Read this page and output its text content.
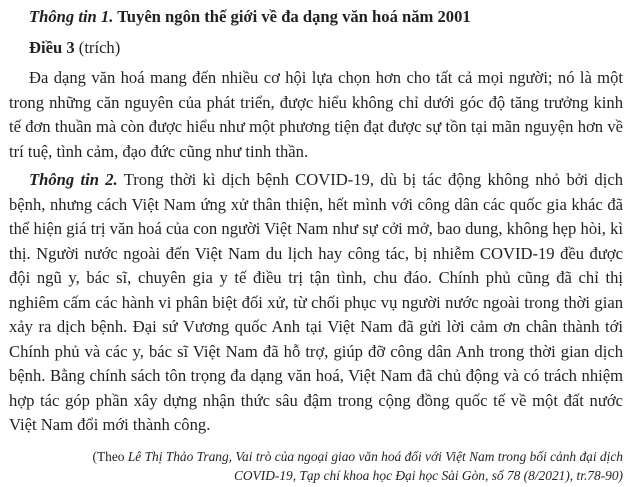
Thông tin 1. Tuyên ngôn thế giới về đa dạng văn hoá năm 2001
Điều 3 (trích)

Đa dạng văn hoá mang đến nhiều cơ hội lựa chọn hơn cho tất cả mọi người; nó là một trong những căn nguyên của phát triển, được hiểu không chỉ dưới góc độ tăng trưởng kinh tế đơn thuần mà còn được hiểu như một phương tiện đạt được sự tồn tại mãn nguyện hơn về trí tuệ, tình cảm, đạo đức cũng như tinh thần.

Thông tin 2. Trong thời kì dịch bệnh COVID-19, dù bị tác động không nhỏ bởi dịch bệnh, nhưng cách Việt Nam ứng xử thân thiện, hết mình với công dân các quốc gia khác đã thể hiện giá trị văn hoá của con người Việt Nam như sự cởi mở, bao dung, không hẹp hòi, kì thị. Người nước ngoài đến Việt Nam du lịch hay công tác, bị nhiễm COVID-19 đều được đội ngũ y, bác sĩ, chuyên gia y tế điều trị tận tình, chu đáo. Chính phủ cũng đã chỉ thị nghiêm cấm các hành vi phân biệt đối xử, từ chối phục vụ người nước ngoài trong thời gian xảy ra dịch bệnh. Đại sứ Vương quốc Anh tại Việt Nam đã gửi lời cảm ơn chân thành tới Chính phủ và các y, bác sĩ Việt Nam đã hỗ trợ, giúp đỡ công dân Anh trong thời gian dịch bệnh. Bằng chính sách tôn trọng đa dạng văn hoá, Việt Nam đã chủ động và có trách nhiệm hợp tác góp phần xây dựng nhận thức sâu đậm trong cộng đồng quốc tế về một đất nước Việt Nam đổi mới thành công.

(Theo Lê Thị Thảo Trang, Vai trò của ngoại giao văn hoá đối với Việt Nam trong bối cảnh đại dịch
COVID-19, Tạp chí khoa học Đại học Sài Gòn, số 78 (8/2021), tr.78-90)
